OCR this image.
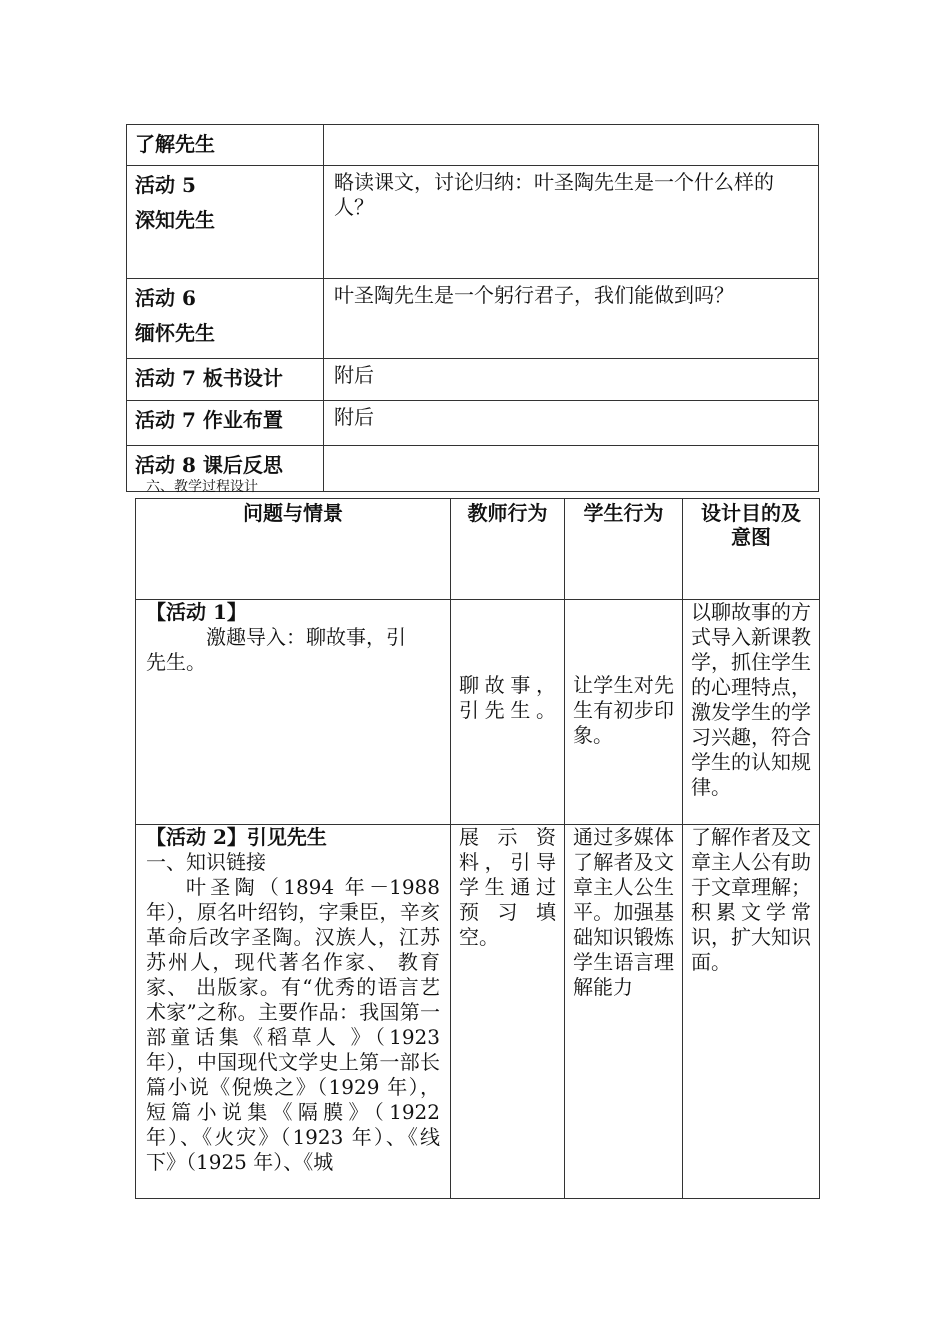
了解先生	

活动 5
深知先生	略读课文，讨论归纳：叶圣陶先生是一个什么样的人？

活动 6
缅怀先生	叶圣陶先生是一个躬行君子，我们能做到吗？

活动 7 板书设计	附后

活动 7 作业布置	附后

活动 8 课后反思	

六、教学过程设计
问题与情景	教师行为	学生行为	设计目的及意图

【活动 1】
激趣导入：聊故事，引先生。	聊故事，引先生。	让学生对先生有初步印象。	以聊故事的方式导入新课教学，抓住学生的心理特点，激发学生的学习兴趣，符合学生的认知规律。

【活动 2】引见先生
一、知识链接
叶圣陶（1894 年－1988 年），原名叶绍钧，字秉臣，辛亥革命后改字圣陶。汉族人，江苏苏州人，现代著名作家、 教育家、 出版家。有“优秀的语言艺术家”之称。主要作品：我国第一部童话集《稻草人 》（1923 年），中国现代文学史上第一部长篇小说《倪焕之》（1929 年），短篇小说集《隔膜》（1922 年）、《火灾》（1923 年）、《线下》（1925 年）、《城	展示资料，引导学生通过预习填空。	通过多媒体了解者及文章主人公生平。加强基础知识锻炼学生语言理解能力	了解作者及文章主人公有助于文章理解；积累文学常识，扩大知识面。
